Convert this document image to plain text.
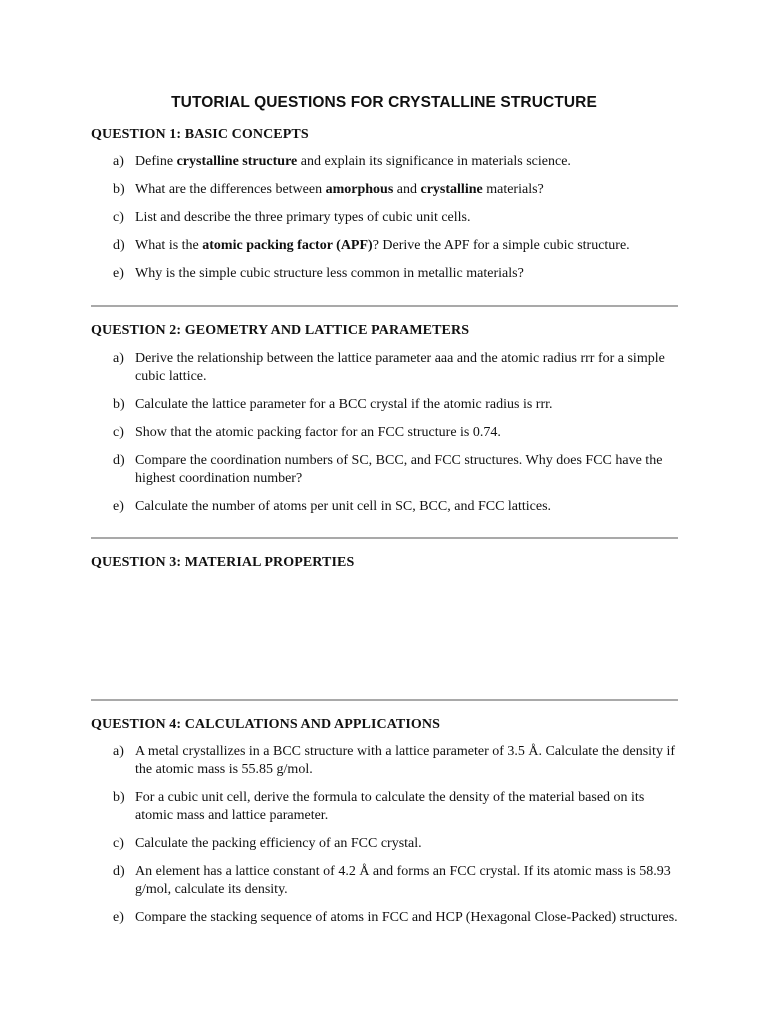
TUTORIAL QUESTIONS FOR CRYSTALLINE STRUCTURE
QUESTION 1: BASIC CONCEPTS
a) Define crystalline structure and explain its significance in materials science.
b) What are the differences between amorphous and crystalline materials?
c) List and describe the three primary types of cubic unit cells.
d) What is the atomic packing factor (APF)? Derive the APF for a simple cubic structure.
e) Why is the simple cubic structure less common in metallic materials?
QUESTION 2: GEOMETRY AND LATTICE PARAMETERS
a) Derive the relationship between the lattice parameter aaa and the atomic radius rrr for a simple cubic lattice.
b) Calculate the lattice parameter for a BCC crystal if the atomic radius is rrr.
c) Show that the atomic packing factor for an FCC structure is 0.74.
d) Compare the coordination numbers of SC, BCC, and FCC structures. Why does FCC have the highest coordination number?
e) Calculate the number of atoms per unit cell in SC, BCC, and FCC lattices.
QUESTION 3: MATERIAL PROPERTIES
QUESTION 4: CALCULATIONS AND APPLICATIONS
a) A metal crystallizes in a BCC structure with a lattice parameter of 3.5 Å. Calculate the density if the atomic mass is 55.85 g/mol.
b) For a cubic unit cell, derive the formula to calculate the density of the material based on its atomic mass and lattice parameter.
c) Calculate the packing efficiency of an FCC crystal.
d) An element has a lattice constant of 4.2 Å and forms an FCC crystal. If its atomic mass is 58.93 g/mol, calculate its density.
e) Compare the stacking sequence of atoms in FCC and HCP (Hexagonal Close-Packed) structures.
